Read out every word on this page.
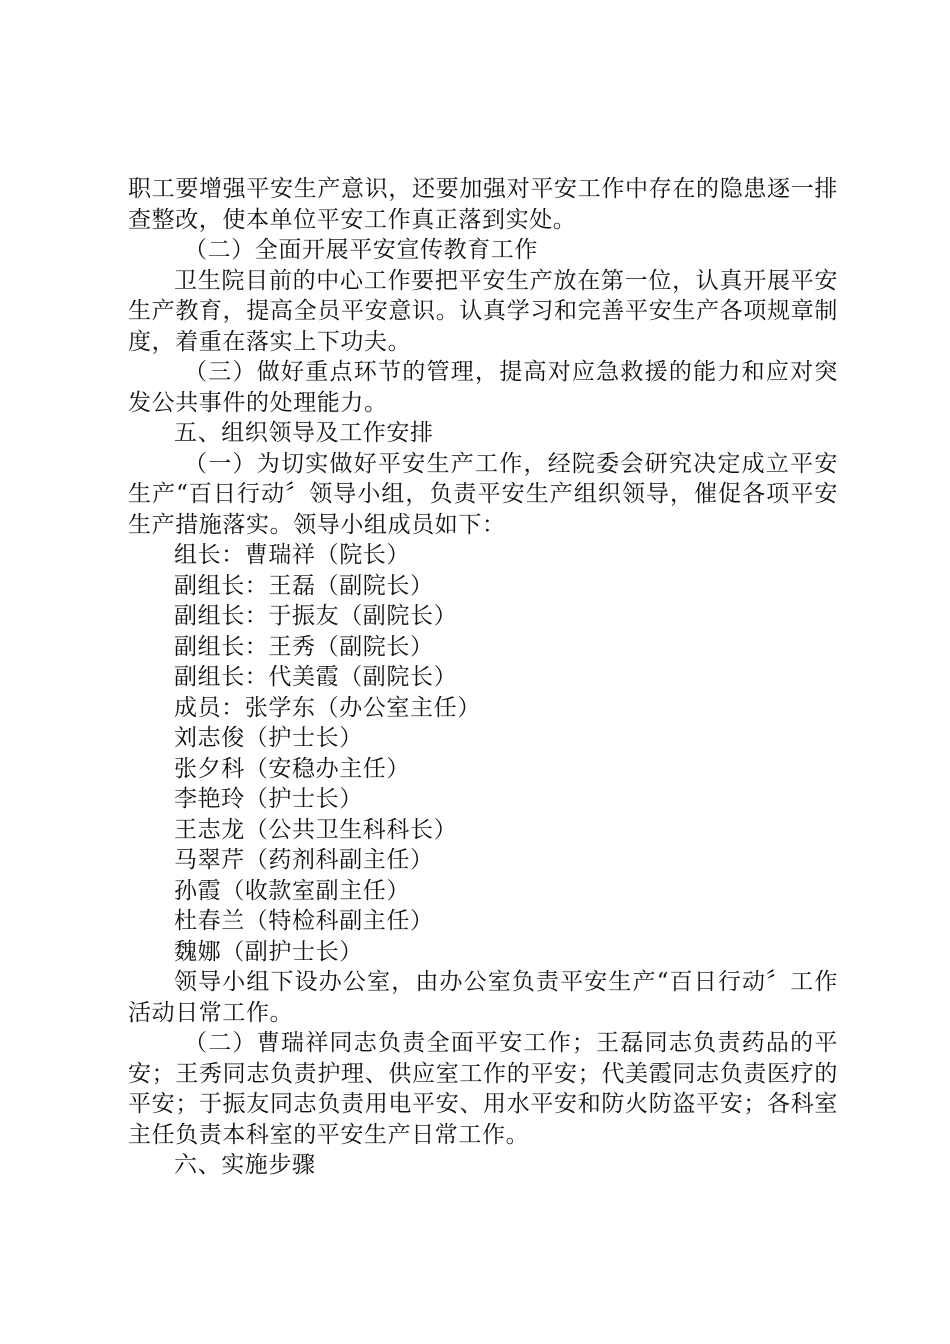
职工要增强平安生产意识，还要加强对平安工作中存在的隐患逐一排查整改，使本单位平安工作真正落到实处。

（二）全面开展平安宣传教育工作

卫生院目前的中心工作要把平安生产放在第一位，认真开展平安生产教育，提高全员平安意识。认真学习和完善平安生产各项规章制度，着重在落实上下功夫。

（三）做好重点环节的管理，提高对应急救援的能力和应对突发公共事件的处理能力。

五、组织领导及工作安排

（一）为切实做好平安生产工作，经院委会研究决定成立平安生产“百日行动〞领导小组，负责平安生产组织领导，催促各项平安生产措施落实。领导小组成员如下：

组长：曹瑞祥（院长）

副组长：王磊（副院长）

副组长：于振友（副院长）

副组长：王秀（副院长）

副组长：代美霞（副院长）

成员：张学东（办公室主任）

刘志俊（护士长）

张夕科（安稳办主任）

李艳玲（护士长）

王志龙（公共卫生科科长）

马翠芹（药剂科副主任）

孙霞（收款室副主任）

杜春兰（特检科副主任）

魏娜（副护士长）

领导小组下设办公室，由办公室负责平安生产“百日行动〞工作活动日常工作。

（二）曹瑞祥同志负责全面平安工作；王磊同志负责药品的平安；王秀同志负责护理、供应室工作的平安；代美霞同志负责医疗的平安；于振友同志负责用电平安、用水平安和防火防盗平安；各科室主任负责本科室的平安生产日常工作。

六、实施步骤
